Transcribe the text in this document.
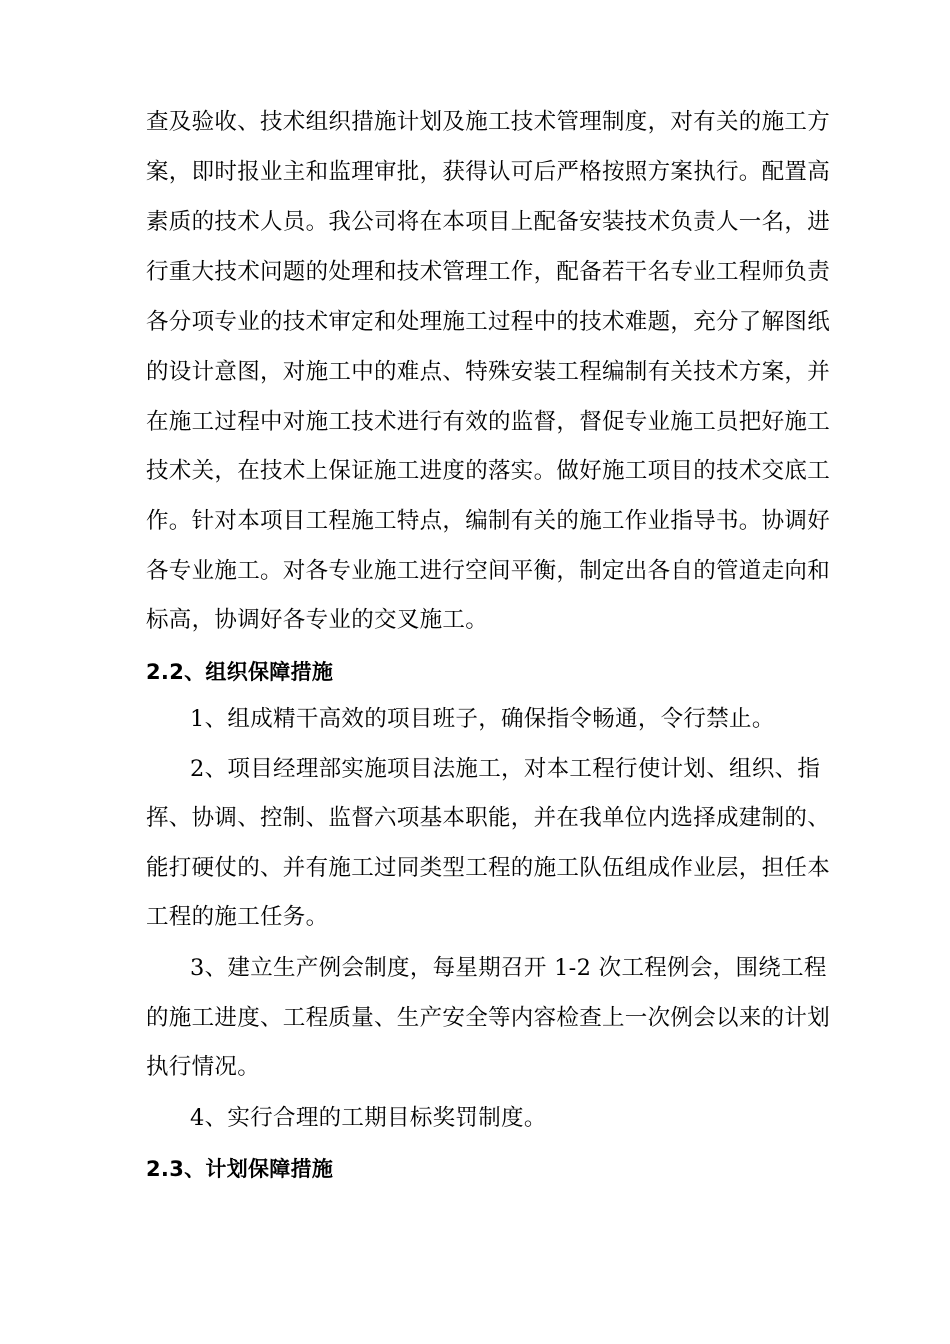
查及验收、技术组织措施计划及施工技术管理制度，对有关的施工方
案，即时报业主和监理审批，获得认可后严格按照方案执行。配置高
素质的技术人员。我公司将在本项目上配备安装技术负责人一名，进
行重大技术问题的处理和技术管理工作，配备若干名专业工程师负责
各分项专业的技术审定和处理施工过程中的技术难题，充分了解图纸
的设计意图，对施工中的难点、特殊安装工程编制有关技术方案，并
在施工过程中对施工技术进行有效的监督，督促专业施工员把好施工
技术关，在技术上保证施工进度的落实。做好施工项目的技术交底工
作。针对本项目工程施工特点，编制有关的施工作业指导书。协调好
各专业施工。对各专业施工进行空间平衡，制定出各自的管道走向和
标高，协调好各专业的交叉施工。
2.2、组织保障措施
1、组成精干高效的项目班子，确保指令畅通，令行禁止。
2、项目经理部实施项目法施工，对本工程行使计划、组织、指
挥、协调、控制、监督六项基本职能，并在我单位内选择成建制的、
能打硬仗的、并有施工过同类型工程的施工队伍组成作业层，担任本
工程的施工任务。
3、建立生产例会制度，每星期召开 1-2 次工程例会，围绕工程
的施工进度、工程质量、生产安全等内容检查上一次例会以来的计划
执行情况。
4、实行合理的工期目标奖罚制度。
2.3、计划保障措施
